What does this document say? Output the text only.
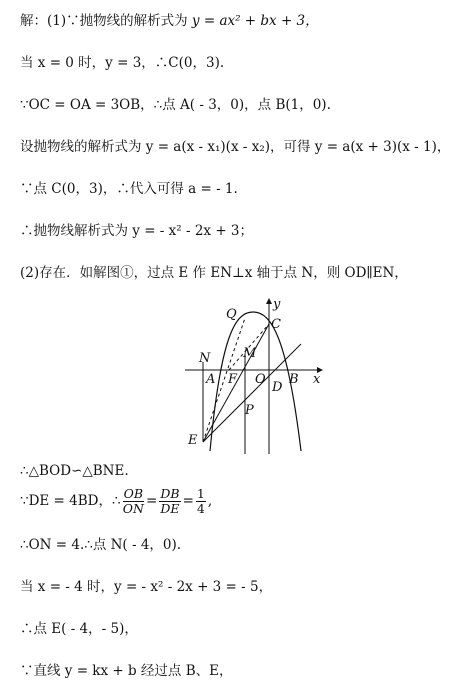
解：(1)∵抛物线的解析式为 y = ax² + bx + 3，
当 x = 0 时，y = 3，∴C(0，3).
∵OC = OA = 3OB，∴点 A( - 3，0)，点 B(1，0).
设抛物线的解析式为 y = a(x - x₁)(x - x₂)，可得 y = a(x + 3)(x - 1)，
∵点 C(0，3)，∴代入可得 a = - 1.
∴抛物线解析式为 y = - x² - 2x + 3；
(2)存在．如解图①，过点 E 作 EN⊥x 轴于点 N，则 OD∥EN，
Q
C
y
N	M
A F O B x
D
P
E
∴△BOD∽△BNE.
∵DE = 4BD，∴ $\frac{OB}{ON} = \frac{DB}{DE} = \frac{1}{4}$ ,
∴ON = 4.∴点 N( - 4，0).
当 x = - 4 时，y = - x² - 2x + 3 = - 5，
∴点 E( - 4，- 5)，
∵直线 y = kx + b 经过点 B、E，
